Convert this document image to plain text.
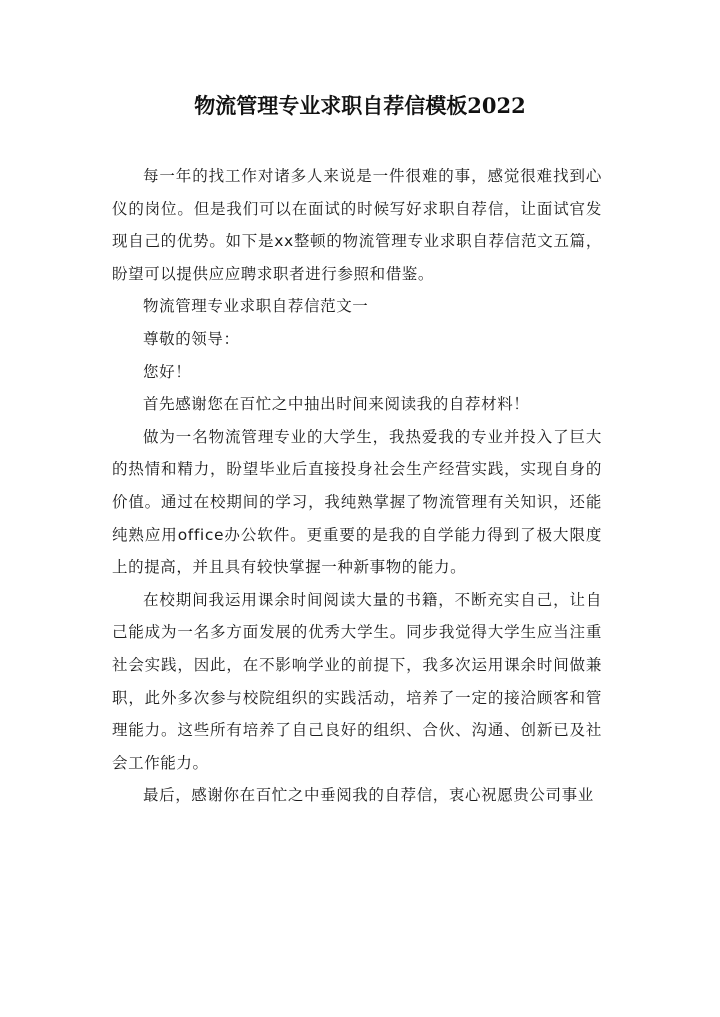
物流管理专业求职自荐信模板2022

每一年的找工作对诸多人来说是一件很难的事，感觉很难找到心仪的岗位。但是我们可以在面试的时候写好求职自荐信，让面试官发现自己的优势。如下是xx整顿的物流管理专业求职自荐信范文五篇，盼望可以提供应应聘求职者进行参照和借鉴。

物流管理专业求职自荐信范文一

尊敬的领导：

您好！

首先感谢您在百忙之中抽出时间来阅读我的自荐材料！

做为一名物流管理专业的大学生，我热爱我的专业并投入了巨大的热情和精力，盼望毕业后直接投身社会生产经营实践，实现自身的价值。通过在校期间的学习，我纯熟掌握了物流管理有关知识，还能纯熟应用office办公软件。更重要的是我的自学能力得到了极大限度上的提高，并且具有较快掌握一种新事物的能力。

在校期间我运用课余时间阅读大量的书籍，不断充实自己，让自己能成为一名多方面发展的优秀大学生。同步我觉得大学生应当注重社会实践，因此，在不影响学业的前提下，我多次运用课余时间做兼职，此外多次参与校院组织的实践活动，培养了一定的接洽顾客和管理能力。这些所有培养了自己良好的组织、合伙、沟通、创新已及社会工作能力。

最后，感谢你在百忙之中垂阅我的自荐信，衷心祝愿贵公司事业
